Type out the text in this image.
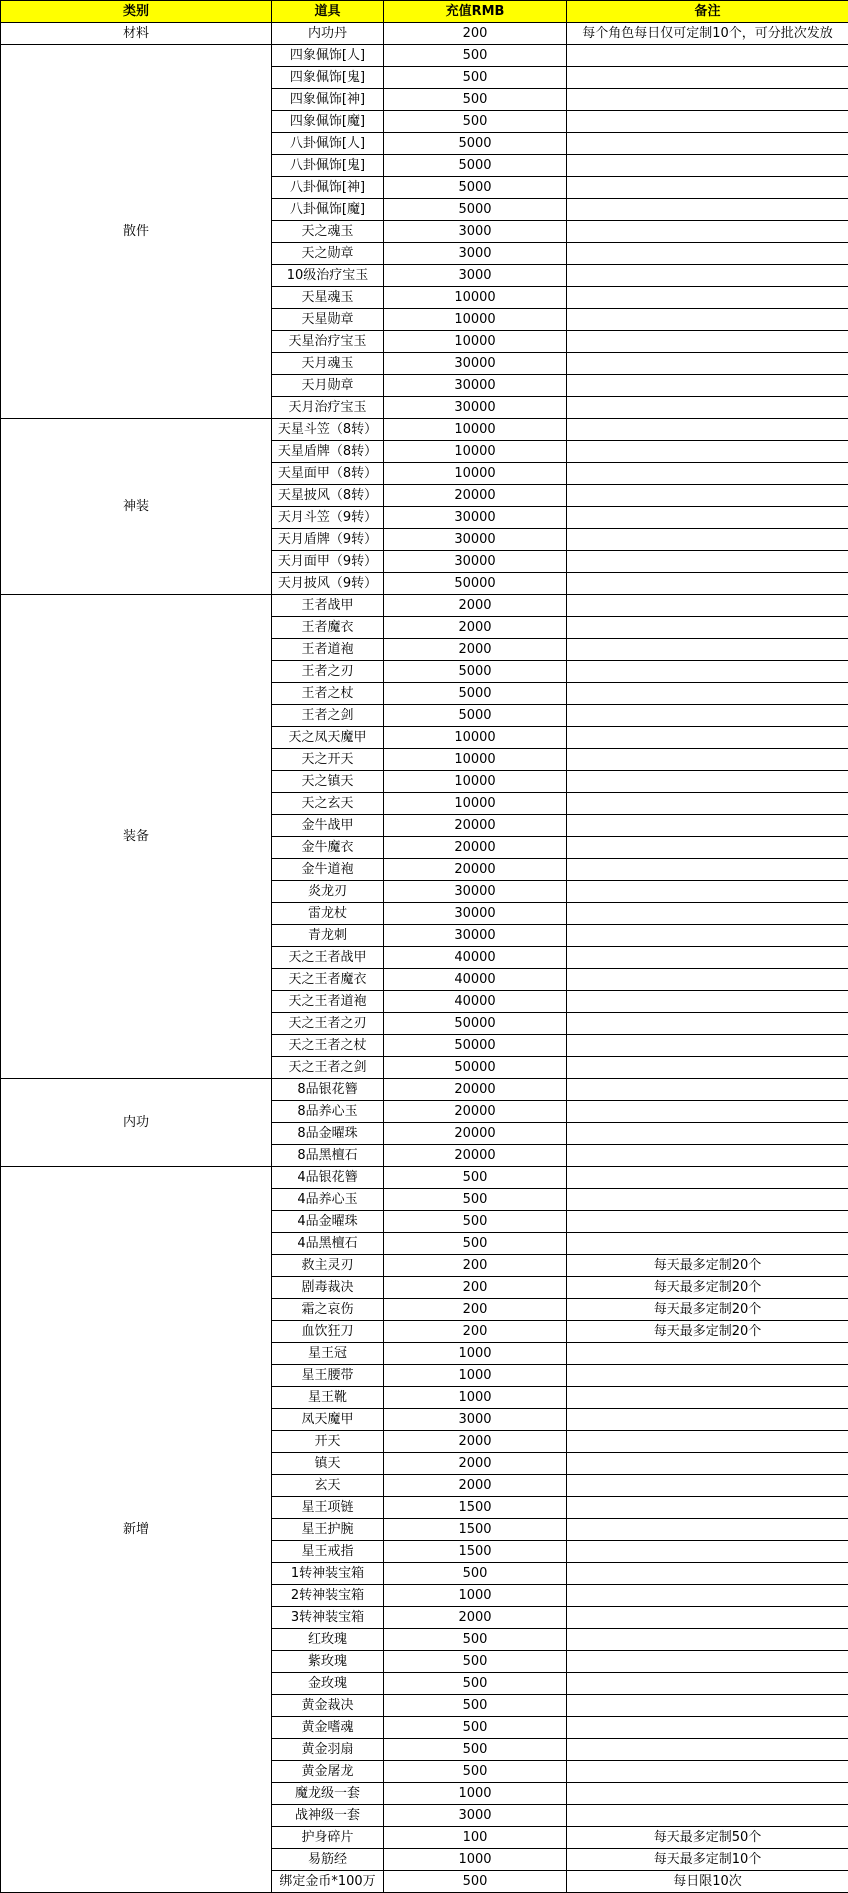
类别	道具	充值RMB	备注
材料	内功丹	200	每个角色每日仅可定制10个，可分批次发放
散件	四象佩饰[人]	500	
	四象佩饰[鬼]	500	
	四象佩饰[神]	500	
	四象佩饰[魔]	500	
	八卦佩饰[人]	5000	
	八卦佩饰[鬼]	5000	
	八卦佩饰[神]	5000	
	八卦佩饰[魔]	5000	
	天之魂玉	3000	
	天之勋章	3000	
	10级治疗宝玉	3000	
	天星魂玉	10000	
	天星勋章	10000	
	天星治疗宝玉	10000	
	天月魂玉	30000	
	天月勋章	30000	
	天月治疗宝玉	30000	
神装	天星斗笠（8转）	10000	
	天星盾牌（8转）	10000	
	天星面甲（8转）	10000	
	天星披风（8转）	20000	
	天月斗笠（9转）	30000	
	天月盾牌（9转）	30000	
	天月面甲（9转）	30000	
	天月披风（9转）	50000	
装备	王者战甲	2000	
	王者魔衣	2000	
	王者道袍	2000	
	王者之刃	5000	
	王者之杖	5000	
	王者之剑	5000	
	天之凤天魔甲	10000	
	天之开天	10000	
	天之镇天	10000	
	天之玄天	10000	
	金牛战甲	20000	
	金牛魔衣	20000	
	金牛道袍	20000	
	炎龙刃	30000	
	雷龙杖	30000	
	青龙刺	30000	
	天之王者战甲	40000	
	天之王者魔衣	40000	
	天之王者道袍	40000	
	天之王者之刃	50000	
	天之王者之杖	50000	
	天之王者之剑	50000	
内功	8品银花簪	20000	
	8品养心玉	20000	
	8品金曜珠	20000	
	8品黑檀石	20000	
新增	4品银花簪	500	
	4品养心玉	500	
	4品金曜珠	500	
	4品黑檀石	500	
	救主灵刃	200	每天最多定制20个
	剧毒裁决	200	每天最多定制20个
	霜之哀伤	200	每天最多定制20个
	血饮狂刀	200	每天最多定制20个
	星王冠	1000	
	星王腰带	1000	
	星王靴	1000	
	凤天魔甲	3000	
	开天	2000	
	镇天	2000	
	玄天	2000	
	星王项链	1500	
	星王护腕	1500	
	星王戒指	1500	
	1转神装宝箱	500	
	2转神装宝箱	1000	
	3转神装宝箱	2000	
	红玫瑰	500	
	紫玫瑰	500	
	金玫瑰	500	
	黄金裁决	500	
	黄金嗜魂	500	
	黄金羽扇	500	
	黄金屠龙	500	
	魔龙级一套	1000	
	战神级一套	3000	
	护身碎片	100	每天最多定制50个
	易筋经	1000	每天最多定制10个
	绑定金币*100万	500	每日限10次
